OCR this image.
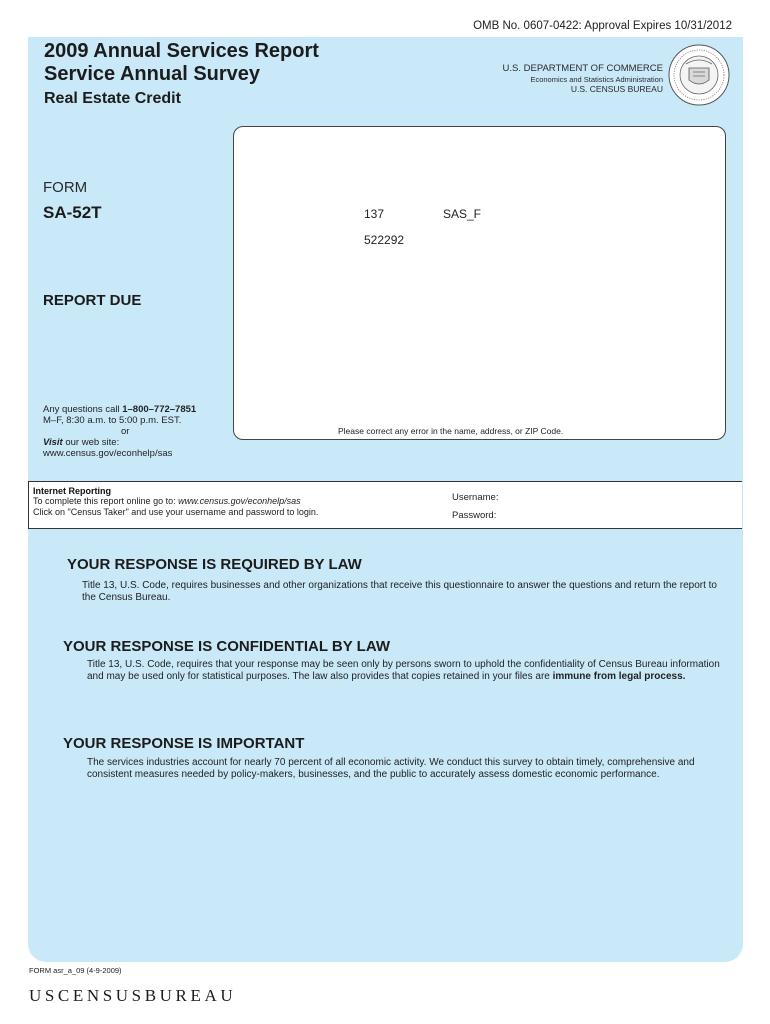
OMB No. 0607-0422: Approval Expires 10/31/2012
2009 Annual Services Report
Service Annual Survey
Real Estate Credit
U.S. DEPARTMENT OF COMMERCE
Economics and Statistics Administration
U.S. CENSUS BUREAU
FORM
SA-52T	137	SAS_F
522292
REPORT DUE
Please correct any error in the name, address, or ZIP Code.
Any questions call 1–800–772–7851
M–F, 8:30 a.m. to 5:00 p.m. EST.
or
Visit our web site:
www.census.gov/econhelp/sas
Internet Reporting
To complete this report online go to: www.census.gov/econhelp/sas
Click on "Census Taker" and use your username and password to login.
Username:
Password:
YOUR RESPONSE IS REQUIRED BY LAW
Title 13, U.S. Code, requires businesses and other organizations that receive this questionnaire to answer the questions and return the report to the Census Bureau.
YOUR RESPONSE IS CONFIDENTIAL BY LAW
Title 13, U.S. Code, requires that your response may be seen only by persons sworn to uphold the confidentiality of Census Bureau information and may be used only for statistical purposes. The law also provides that copies retained in your files are immune from legal process.
YOUR RESPONSE IS IMPORTANT
The services industries account for nearly 70 percent of all economic activity. We conduct this survey to obtain timely, comprehensive and consistent measures needed by policy-makers, businesses, and the public to accurately assess domestic economic performance.
FORM asr_a_09 (4-9-2009)
USCENSUSBUREAU
